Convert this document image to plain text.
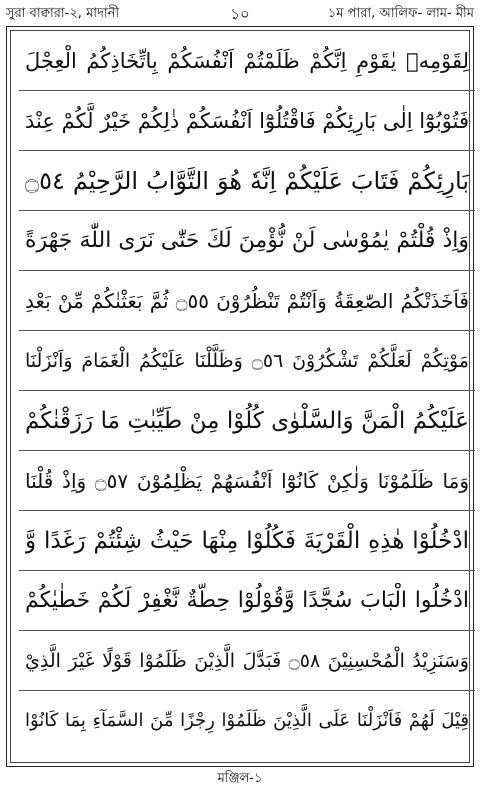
সুরা বাক্বারা-২, মাদানী	১০	১ম পারা, আলিফ- লাম- মীম
لِقَوْمِهٖ يٰقَوْمِ اِنَّكُمْ ظَلَمْتُمْ اَنْفُسَكُمْ بِاتِّخَاذِكُمُ الْعِجْلَ
فَتُوْبُوْٓا اِلٰى بَارِئِكُمْ فَاقْتُلُوْٓا اَنْفُسَكُمْ ذٰلِكُمْ خَيْرٌ لَّكُمْ عِنْدَ
بَارِئِكُمْ فَتَابَ عَلَيْكُمْ اِنَّهٗ هُوَ التَّوَّابُ الرَّحِيْمُ ۝٥٤
وَاِذْ قُلْتُمْ يٰمُوْسٰى لَنْ نُّؤْمِنَ لَكَ حَتّٰى نَرَى اللّٰهَ جَهْرَةً
فَاَخَذَتْكُمُ الصّٰعِقَةُ وَاَنْتُمْ تَنْظُرُوْنَ ۝٥٥ ثُمَّ بَعَثْنٰكُمْ مِّنْ بَعْدِ
مَوْتِكُمْ لَعَلَّكُمْ تَشْكُرُوْنَ ۝٥٦ وَظَلَّلْنَا عَلَيْكُمُ الْغَمَامَ وَاَنْزَلْنَا
عَلَيْكُمُ الْمَنَّ وَالسَّلْوٰى كُلُوْا مِنْ طَيِّبٰتِ مَا رَزَقْنٰكُمْ
وَمَا ظَلَمُوْنَا وَلٰكِنْ كَانُوْٓا اَنْفُسَهُمْ يَظْلِمُوْنَ ۝٥٧ وَاِذْ قُلْنَا
ادْخُلُوْا هٰذِهِ الْقَرْيَةَ فَكُلُوْا مِنْهَا حَيْثُ شِئْتُمْ رَغَدًا وَّ
ادْخُلُوا الْبَابَ سُجَّدًا وَّقُوْلُوْا حِطَّةٌ نَّغْفِرْ لَكُمْ خَطٰيٰكُمْ
وَسَنَزِيْدُ الْمُحْسِنِيْنَ ۝٥٨ فَبَدَّلَ الَّذِيْنَ ظَلَمُوْا قَوْلًا غَيْرَ الَّذِيْ
قِيْلَ لَهُمْ فَاَنْزَلْنَا عَلَى الَّذِيْنَ ظَلَمُوْا رِجْزًا مِّنَ السَّمَآءِ بِمَا كَانُوْا
মঞ্জিল-১
